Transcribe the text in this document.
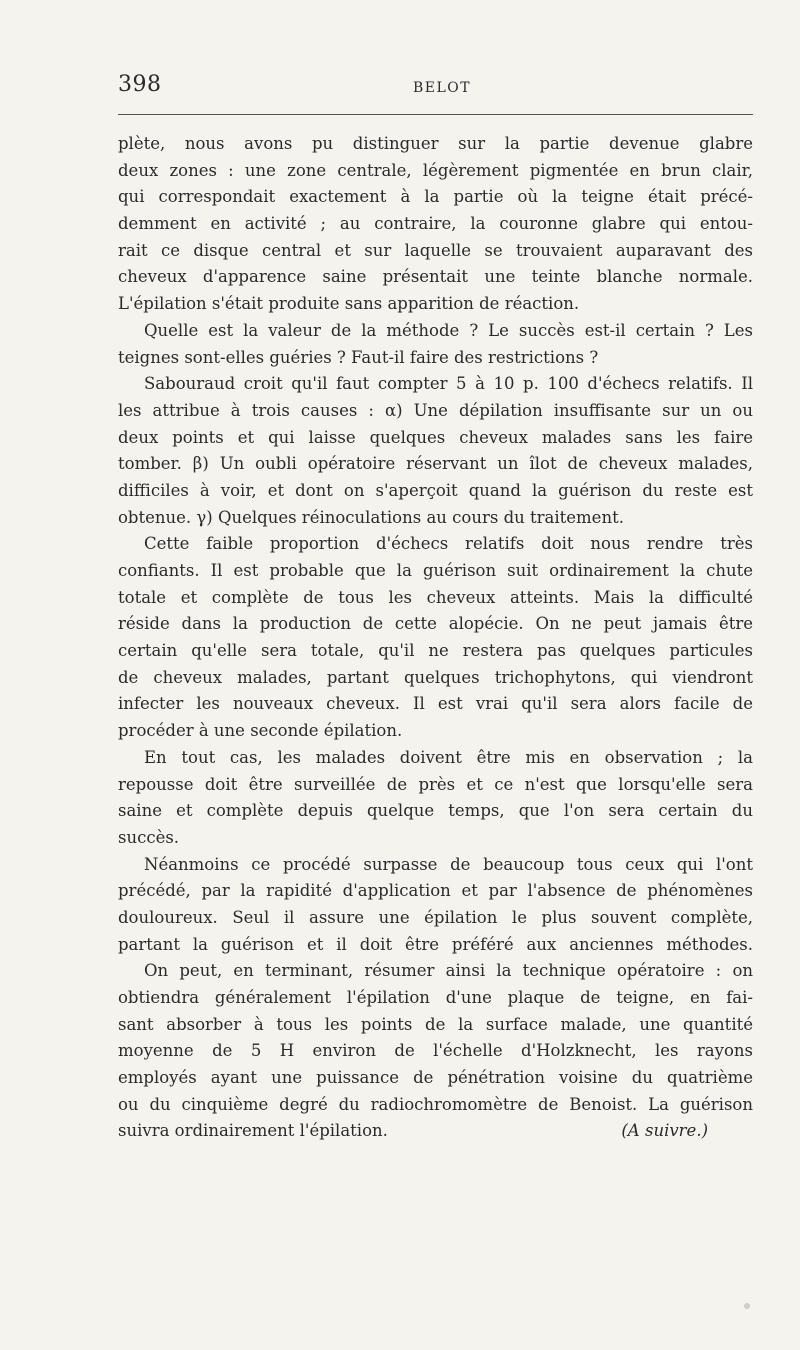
398	BELOT
plète, nous avons pu distinguer sur la partie devenue glabre
deux zones : une zone centrale, légèrement pigmentée en brun clair,
qui correspondait exactement à la partie où la teigne était précé-
demment en activité ; au contraire, la couronne glabre qui entou-
rait ce disque central et sur laquelle se trouvaient auparavant des
cheveux d'apparence saine présentait une teinte blanche normale.
L'épilation s'était produite sans apparition de réaction.
Quelle est la valeur de la méthode ? Le succès est-il certain ? Les
teignes sont-elles guéries ? Faut-il faire des restrictions ?
Sabouraud croit qu'il faut compter 5 à 10 p. 100 d'échecs relatifs. Il
les attribue à trois causes : α) Une dépilation insuffisante sur un ou
deux points et qui laisse quelques cheveux malades sans les faire
tomber. β) Un oubli opératoire réservant un îlot de cheveux malades,
difficiles à voir, et dont on s'aperçoit quand la guérison du reste est
obtenue. γ) Quelques réinoculations au cours du traitement.
Cette faible proportion d'échecs relatifs doit nous rendre très
confiants. Il est probable que la guérison suit ordinairement la chute
totale et complète de tous les cheveux atteints. Mais la difficulté
réside dans la production de cette alopécie. On ne peut jamais être
certain qu'elle sera totale, qu'il ne restera pas quelques particules
de cheveux malades, partant quelques trichophytons, qui viendront
infecter les nouveaux cheveux. Il est vrai qu'il sera alors facile de
procéder à une seconde épilation.
En tout cas, les malades doivent être mis en observation ; la
repousse doit être surveillée de près et ce n'est que lorsqu'elle sera
saine et complète depuis quelque temps, que l'on sera certain du
succès.
Néanmoins ce procédé surpasse de beaucoup tous ceux qui l'ont
précédé, par la rapidité d'application et par l'absence de phénomènes
douloureux. Seul il assure une épilation le plus souvent complète,
partant la guérison et il doit être préféré aux anciennes méthodes.
On peut, en terminant, résumer ainsi la technique opératoire : on
obtiendra généralement l'épilation d'une plaque de teigne, en fai-
sant absorber à tous les points de la surface malade, une quantité
moyenne de 5 H environ de l'échelle d'Holzknecht, les rayons
employés ayant une puissance de pénétration voisine du quatrième
ou du cinquième degré du radiochromomètre de Benoist. La guérison
suivra ordinairement l'épilation.	(A suivre.)
